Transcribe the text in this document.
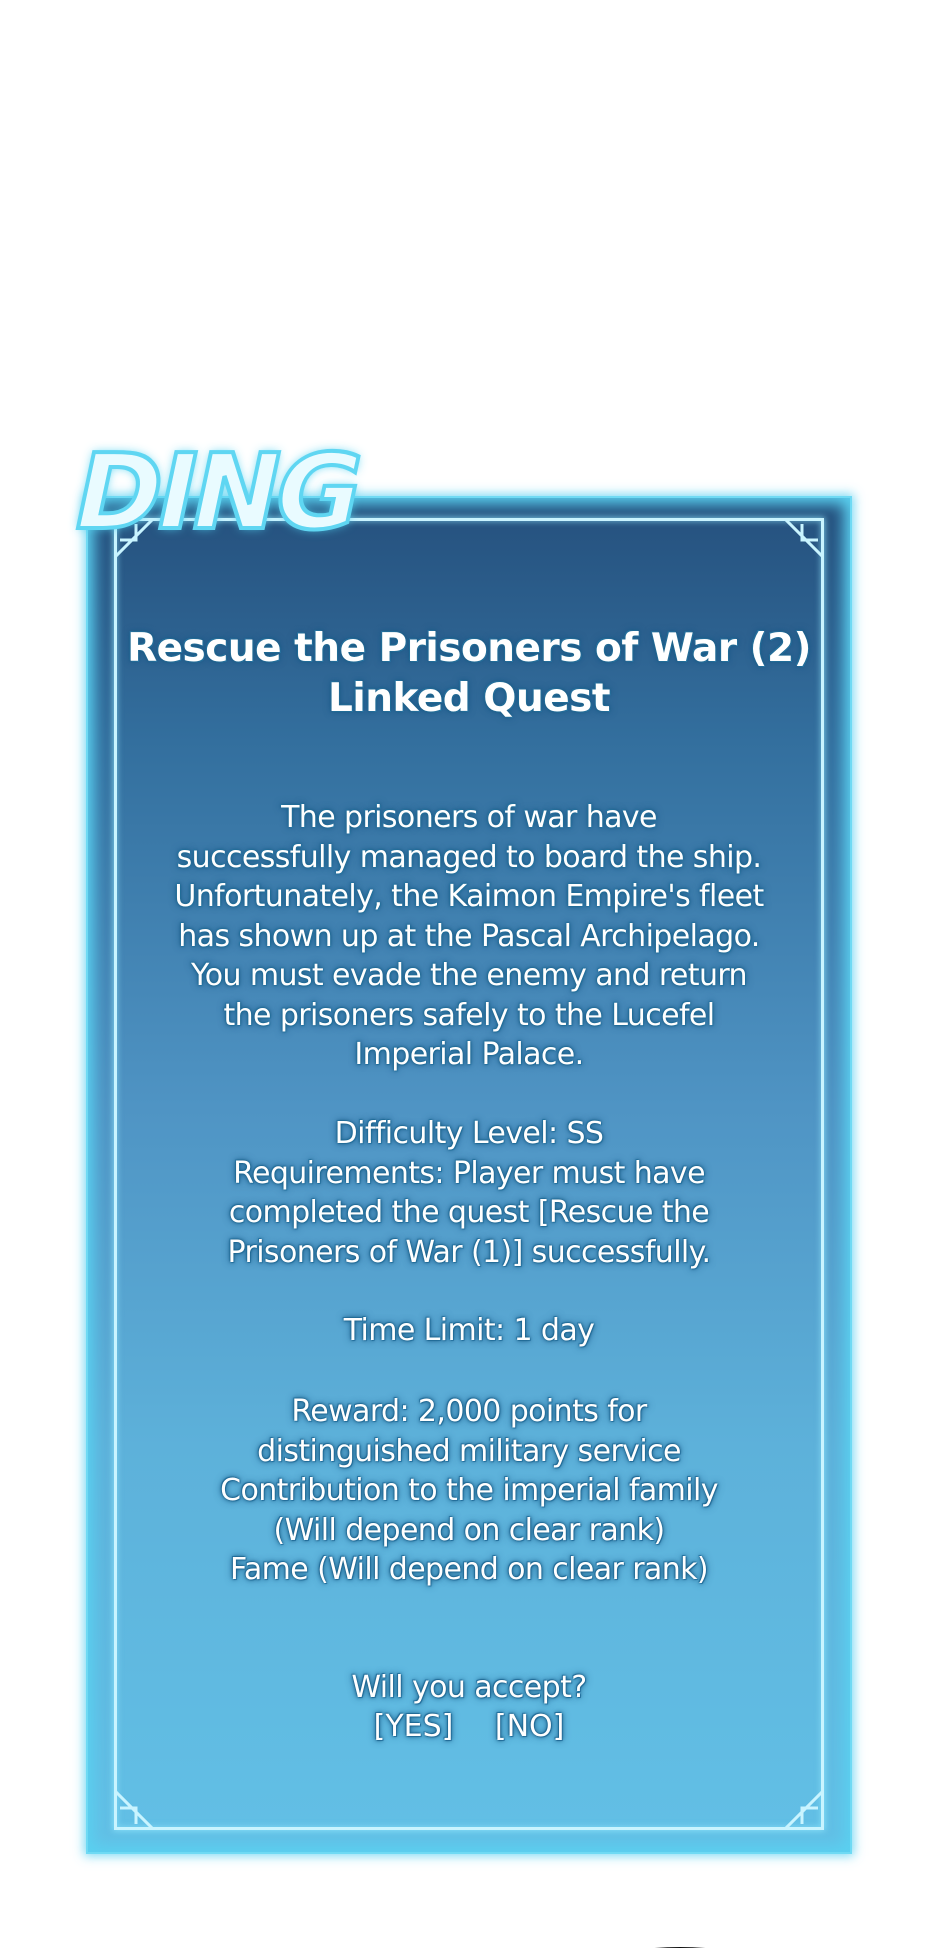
DING
Rescue the Prisoners of War (2)
Linked Quest
The prisoners of war have
successfully managed to board the ship.
Unfortunately, the Kaimon Empire's fleet
has shown up at the Pascal Archipelago.
You must evade the enemy and return
the prisoners safely to the Lucefel
Imperial Palace.
Difficulty Level: SS
Requirements: Player must have
completed the quest [Rescue the
Prisoners of War (1)] successfully.
Time Limit: 1 day
Reward: 2,000 points for
distinguished military service
Contribution to the imperial family
(Will depend on clear rank)
Fame (Will depend on clear rank)
Will you accept?
[YES] [NO]
